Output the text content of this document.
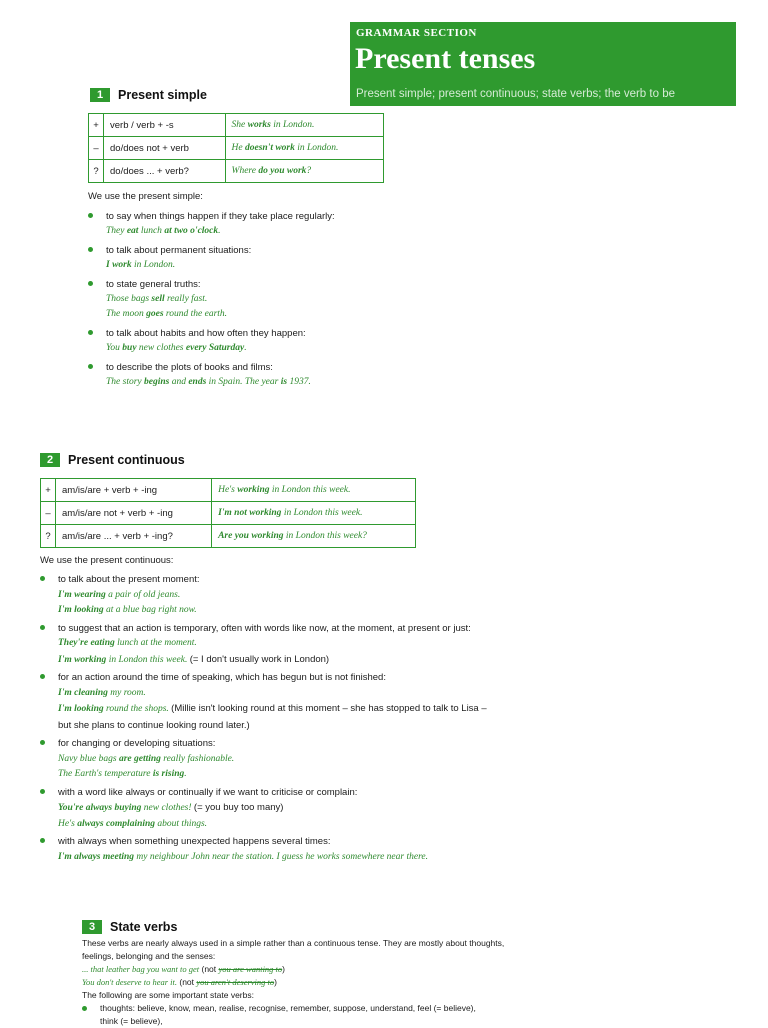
GRAMMAR SECTION
Present tenses
Present simple; present continuous; state verbs; the verb to be
1	Present simple
+	verb / verb + -s	She works in London.
–	do/does not + verb	He doesn't work in London.
?	do/does ... + verb?	Where do you work?
We use the present simple:
to say when things happen if they take place regularly:
They eat lunch at two o'clock.
to talk about permanent situations:
I work in London.
to state general truths:
Those bags sell really fast.
The moon goes round the earth.
to talk about habits and how often they happen:
You buy new clothes every Saturday.
to describe the plots of books and films:
The story begins and ends in Spain. The year is 1937.
2	Present continuous
+	am/is/are + verb + -ing	He's working in London this week.
–	am/is/are not + verb + -ing	I'm not working in London this week.
?	am/is/are ... + verb + -ing?	Are you working in London this week?
We use the present continuous:
to talk about the present moment:
I'm wearing a pair of old jeans.
I'm looking at a blue bag right now.
to suggest that an action is temporary, often with words like now, at the moment, at present or just:
They're eating lunch at the moment.
I'm working in London this week. (= I don't usually work in London)
for an action around the time of speaking, which has begun but is not finished:
I'm cleaning my room.
I'm looking round the shops. (Millie isn't looking round at this moment – she has stopped to talk to Lisa –
but she plans to continue looking round later.)
for changing or developing situations:
Navy blue bags are getting really fashionable.
The Earth's temperature is rising.
with a word like always or continually if we want to criticise or complain:
You're always buying new clothes! (= you buy too many)
He's always complaining about things.
with always when something unexpected happens several times:
I'm always meeting my neighbour John near the station. I guess he works somewhere near there.
3	State verbs
These verbs are nearly always used in a simple rather than a continuous tense. They are mostly about thoughts,
feelings, belonging and the senses:
... that leather bag you want to get (not you are wanting to)
You don't deserve to hear it. (not you aren't deserving to)
The following are some important state verbs:
thoughts: believe, know, mean, realise, recognise, remember, suppose, understand, feel (= believe),
think (= believe),
